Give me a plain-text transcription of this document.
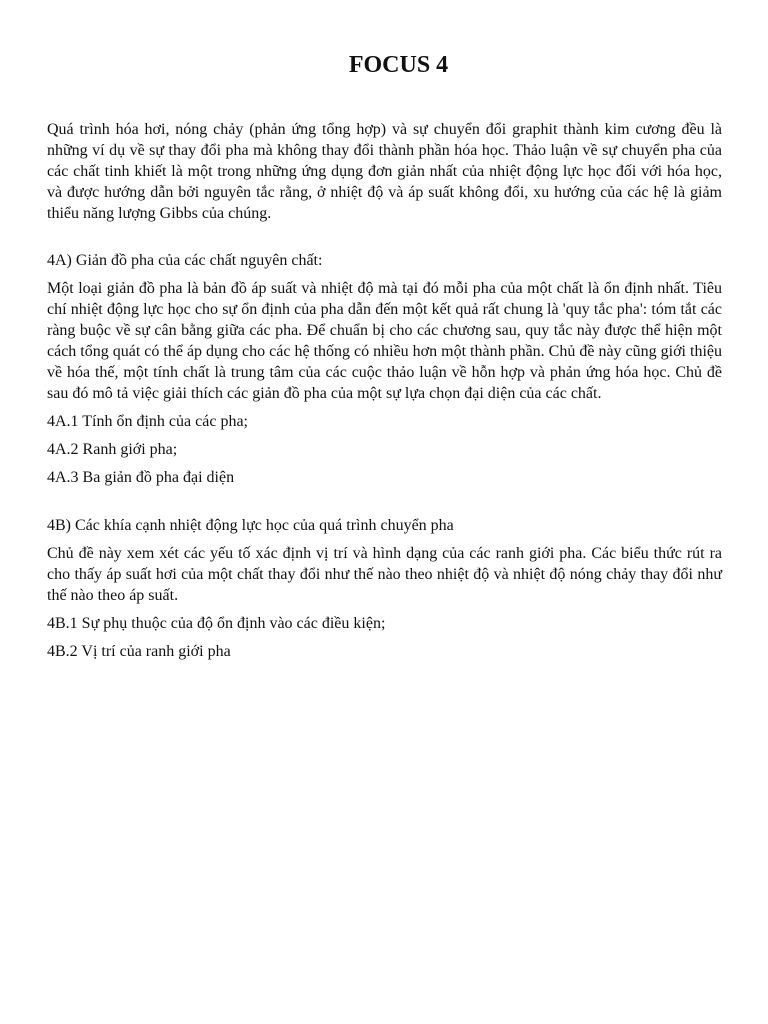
FOCUS 4

Quá trình hóa hơi, nóng chảy (phản ứng tổng hợp) và sự chuyển đổi graphit thành kim cương đều là những ví dụ về sự thay đổi pha mà không thay đổi thành phần hóa học. Thảo luận về sự chuyển pha của các chất tinh khiết là một trong những ứng dụng đơn giản nhất của nhiệt động lực học đối với hóa học, và được hướng dẫn bởi nguyên tắc rằng, ở nhiệt độ và áp suất không đổi, xu hướng của các hệ là giảm thiểu năng lượng Gibbs của chúng.

4A) Giản đồ pha của các chất nguyên chất:

Một loại giản đồ pha là bản đồ áp suất và nhiệt độ mà tại đó mỗi pha của một chất là ổn định nhất. Tiêu chí nhiệt động lực học cho sự ổn định của pha dẫn đến một kết quả rất chung là 'quy tắc pha': tóm tắt các ràng buộc về sự cân bằng giữa các pha. Để chuẩn bị cho các chương sau, quy tắc này được thể hiện một cách tổng quát có thể áp dụng cho các hệ thống có nhiều hơn một thành phần. Chủ đề này cũng giới thiệu về hóa thế, một tính chất là trung tâm của các cuộc thảo luận về hỗn hợp và phản ứng hóa học. Chủ đề sau đó mô tả việc giải thích các giản đồ pha của một sự lựa chọn đại diện của các chất.

4A.1 Tính ổn định của các pha;

4A.2 Ranh giới pha;

4A.3 Ba giản đồ pha đại diện

4B) Các khía cạnh nhiệt động lực học của quá trình chuyển pha

Chủ đề này xem xét các yếu tố xác định vị trí và hình dạng của các ranh giới pha. Các biểu thức rút ra cho thấy áp suất hơi của một chất thay đổi như thế nào theo nhiệt độ và nhiệt độ nóng chảy thay đổi như thế nào theo áp suất.

4B.1 Sự phụ thuộc của độ ổn định vào các điều kiện;

4B.2 Vị trí của ranh giới pha
